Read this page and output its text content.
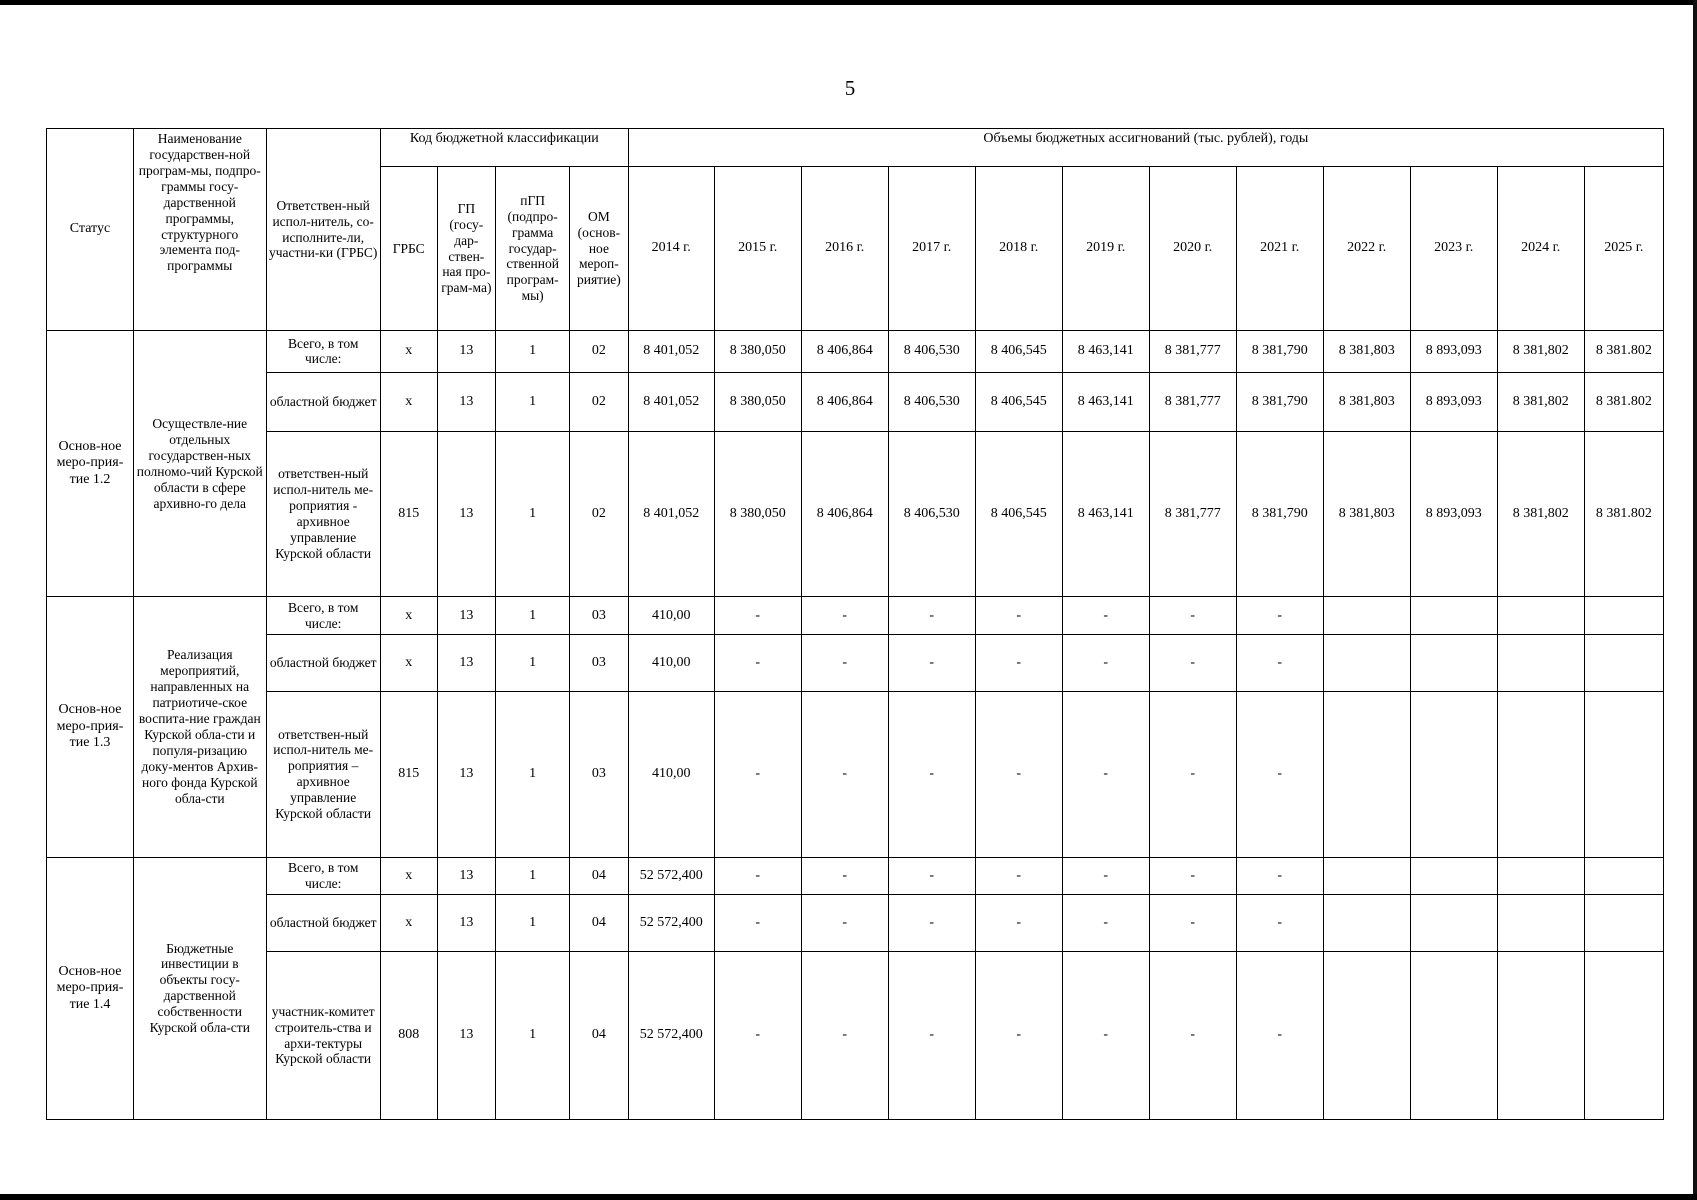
5
Статус	Наименование государствен-ной програм-мы, подпро-граммы госу-дарственной программы, структурного элемента под-программы	Ответствен-ный испол-нитель, со-исполните-ли, участни-ки (ГРБС)	Код бюджетной классификации				Объемы бюджетных ассигнований (тыс. рублей), годы											
			ГРБС	ГП (госу-дар-ствен-ная про-грам-ма)	пГП (подпро-грамма государ-ственной програм-мы)	ОМ (основ-ное мероп-риятие)	2014 г.	2015 г.	2016 г.	2017 г.	2018 г.	2019 г.	2020 г.	2021 г.	2022 г.	2023 г.	2024 г.	2025 г.
Основ-ное меро-прия-тие 1.2	Осуществле-ние отдельных государствен-ных полномо-чий Курской области в сфере архивно-го дела	Всего, в том числе:	х	13	1	02	8 401,052	8 380,050	8 406,864	8 406,530	8 406,545	8 463,141	8 381,777	8 381,790	8 381,803	8 893,093	8 381,802	8 381.802
		областной бюджет	х	13	1	02	8 401,052	8 380,050	8 406,864	8 406,530	8 406,545	8 463,141	8 381,777	8 381,790	8 381,803	8 893,093	8 381,802	8 381.802
		ответствен-ный испол-нитель ме-роприятия - архивное управление Курской области	815	13	1	02	8 401,052	8 380,050	8 406,864	8 406,530	8 406,545	8 463,141	8 381,777	8 381,790	8 381,803	8 893,093	8 381,802	8 381.802
Основ-ное меро-прия-тие 1.3	Реализация мероприятий, направленных на патриотиче-ское воспита-ние граждан Курской обла-сти и популя-ризацию доку-ментов Архив-ного фонда Курской обла-сти	Всего, в том числе:	х	13	1	03	410,00	-	-	-	-	-	-	-				
		областной бюджет	х	13	1	03	410,00	-	-	-	-	-	-	-				
		ответствен-ный испол-нитель ме-роприятия – архивное управление Курской области	815	13	1	03	410,00	-	-	-	-	-	-	-				
Основ-ное меро-прия-тие 1.4	Бюджетные инвестиции в объекты госу-дарственной собственности Курской обла-сти	Всего, в том числе:	х	13	1	04	52 572,400	-	-	-	-	-	-	-				
		областной бюджет	х	13	1	04	52 572,400	-	-	-	-	-	-	-				
		участник-комитет строитель-ства и архи-тектуры Курской области	808	13	1	04	52 572,400	-	-	-	-	-	-	-				
